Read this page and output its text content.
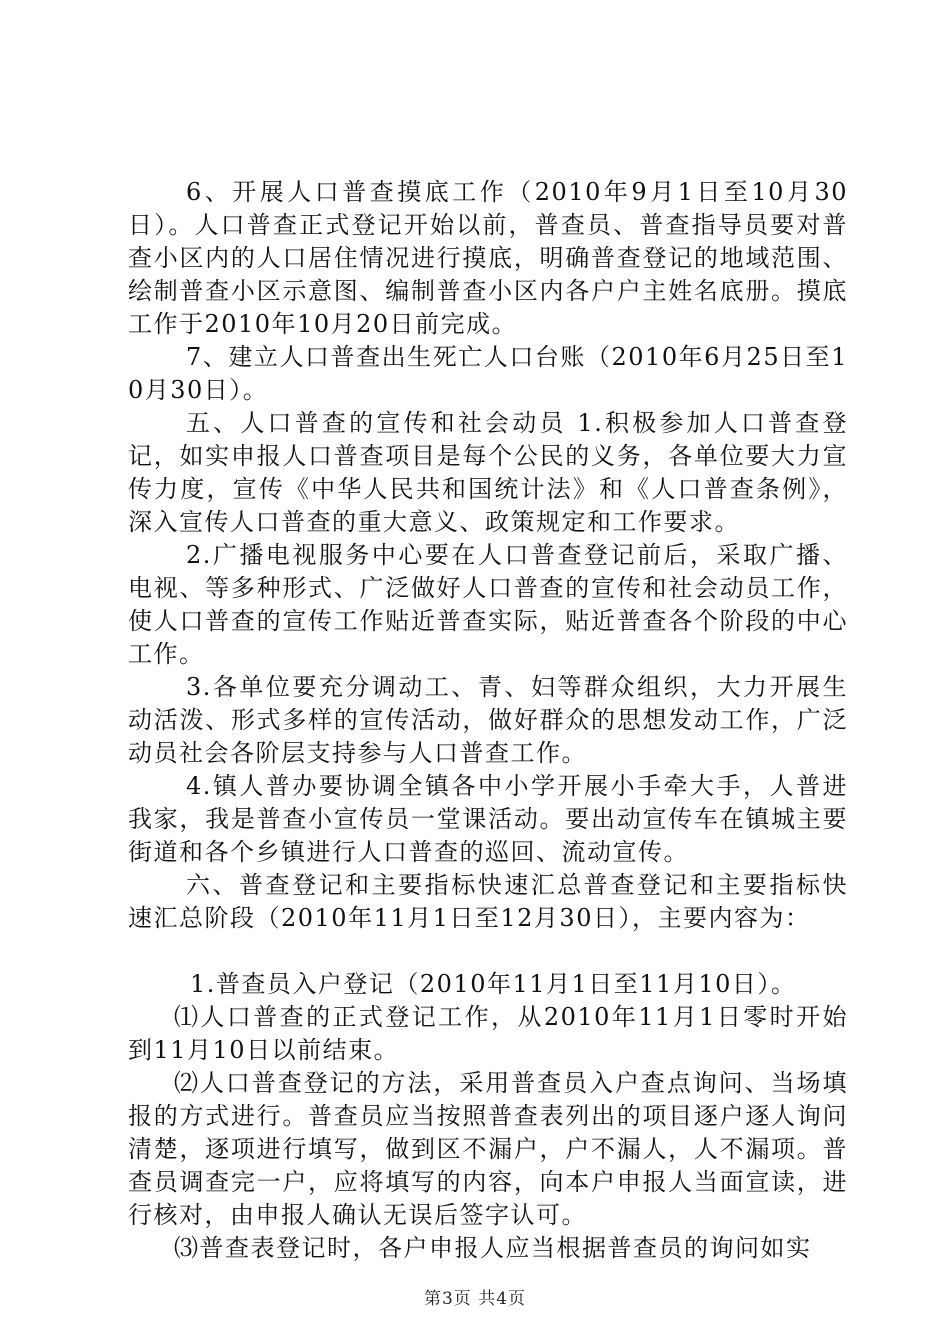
6、开展人口普查摸底工作（2010年9月1日至10月30日）。人口普查正式登记开始以前，普查员、普查指导员要对普查小区内的人口居住情况进行摸底，明确普查登记的地域范围、绘制普查小区示意图、编制普查小区内各户户主姓名底册。摸底工作于2010年10月20日前完成。

7、建立人口普查出生死亡人口台账（2010年6月25日至10月30日）。

五、人口普查的宣传和社会动员 1.积极参加人口普查登记，如实申报人口普查项目是每个公民的义务，各单位要大力宣传力度，宣传《中华人民共和国统计法》和《人口普查条例》，深入宣传人口普查的重大意义、政策规定和工作要求。

2.广播电视服务中心要在人口普查登记前后，采取广播、电视、等多种形式、广泛做好人口普查的宣传和社会动员工作，使人口普查的宣传工作贴近普查实际，贴近普查各个阶段的中心工作。

3.各单位要充分调动工、青、妇等群众组织，大力开展生动活泼、形式多样的宣传活动，做好群众的思想发动工作，广泛动员社会各阶层支持参与人口普查工作。

4.镇人普办要协调全镇各中小学开展小手牵大手，人普进我家，我是普查小宣传员一堂课活动。要出动宣传车在镇城主要街道和各个乡镇进行人口普查的巡回、流动宣传。

六、普查登记和主要指标快速汇总普查登记和主要指标快速汇总阶段（2010年11月1日至12月30日），主要内容为：

1.普查员入户登记（2010年11月1日至11月10日）。

⑴人口普查的正式登记工作，从2010年11月1日零时开始到11月10日以前结束。

⑵人口普查登记的方法，采用普查员入户查点询问、当场填报的方式进行。普查员应当按照普查表列出的项目逐户逐人询问清楚，逐项进行填写，做到区不漏户，户不漏人，人不漏项。普查员调查完一户，应将填写的内容，向本户申报人当面宣读，进行核对，由申报人确认无误后签字认可。

⑶普查表登记时，各户申报人应当根据普查员的询问如实

第3页 共4页
